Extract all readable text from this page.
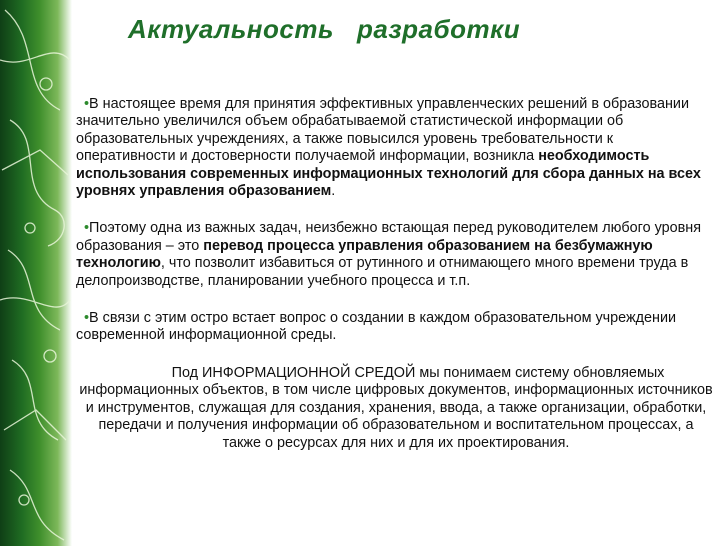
Актуальность   разработки

•В настоящее время для принятия эффективных управленческих решений в образовании значительно увеличился объем обрабатываемой статистической информации об образовательных учреждениях, а также повысился уровень требовательности к оперативности и достоверности получаемой информации, возникла необходимость использования современных информационных технологий для сбора данных на всех уровнях управления образованием.

•Поэтому одна из важных задач, неизбежно встающая перед руководителем любого уровня образования – это перевод процесса управления образованием на безбумажную технологию, что позволит избавиться от рутинного и отнимающего много времени труда в делопроизводстве, планировании учебного процесса и т.п.

•В связи с этим остро встает вопрос о создании в каждом образовательном учреждении современной информационной среды.

Под ИНФОРМАЦИОННОЙ СРЕДОЙ мы понимаем систему обновляемых информационных объектов, в том числе цифровых документов, информационных источников и инструментов, служащая для создания, хранения, ввода, а также организации, обработки, передачи и получения информации об образовательном и воспитательном процессах, а также о ресурсах для них и для их проектирования.
